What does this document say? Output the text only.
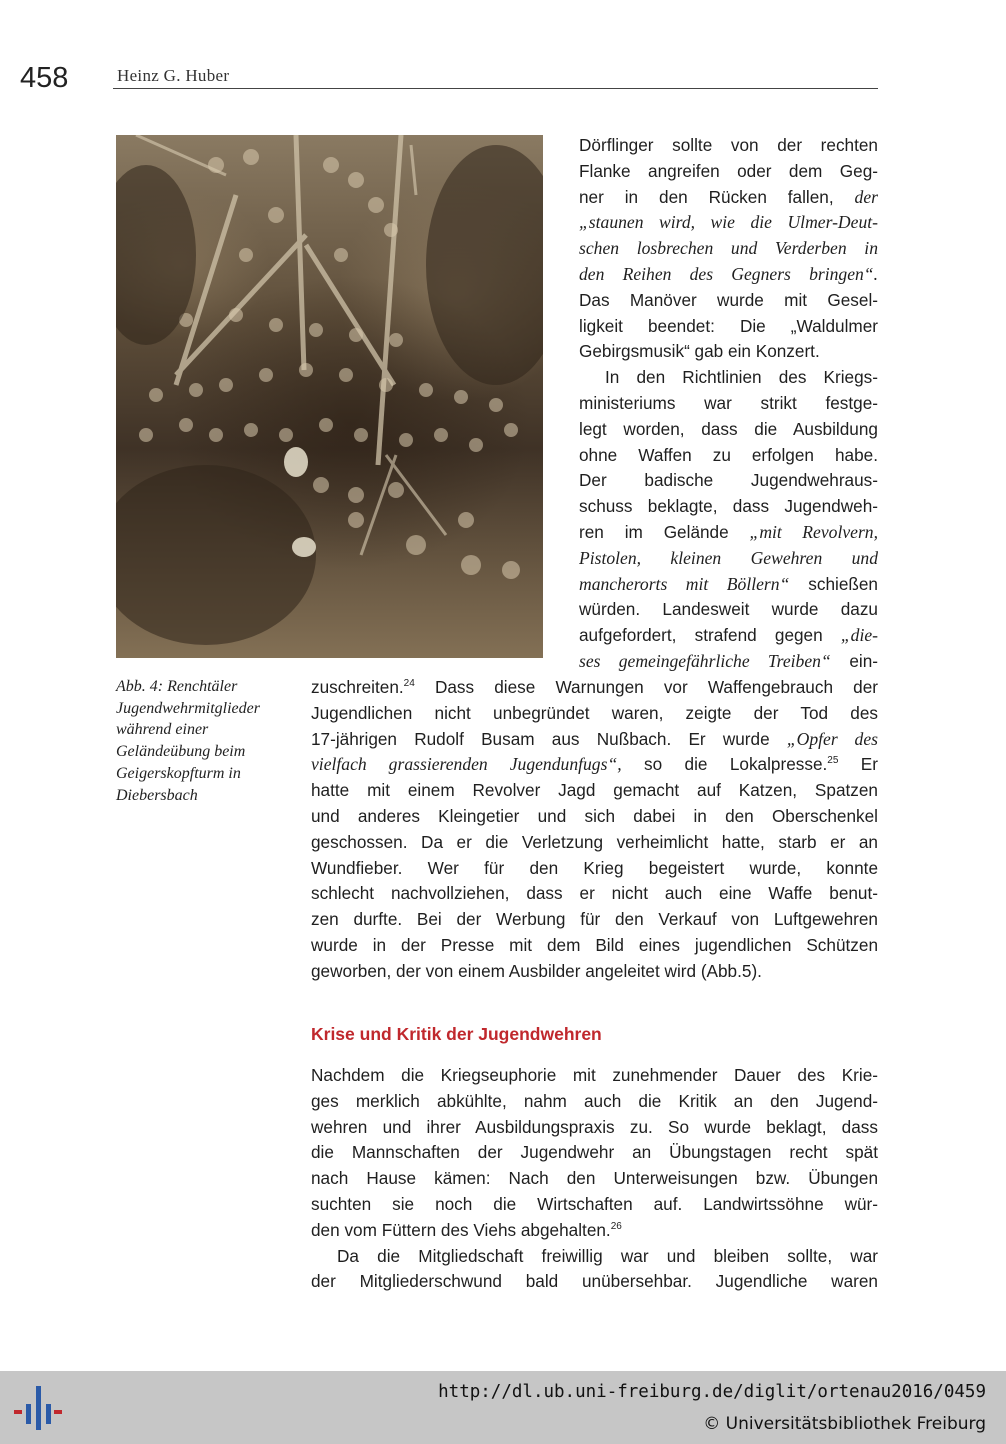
458	Heinz G. Huber
Abb. 4: Renchtäler
Jugendwehrmitglieder
während einer
Geländeübung beim
Geigerskopfturm in
Diebersbach
Dörflinger sollte von der rechten
Flanke angreifen oder dem Geg-
ner in den Rücken fallen, der
„staunen wird, wie die Ulmer-Deut-
schen losbrechen und Verderben in
den Reihen des Gegners bringen“.
Das Manöver wurde mit Gesel-
ligkeit beendet: Die „Waldulmer
Gebirgsmusik“ gab ein Konzert.
In den Richtlinien des Kriegs-
ministeriums war strikt festge-
legt worden, dass die Ausbildung
ohne Waffen zu erfolgen habe.
Der badische Jugendwehraus-
schuss beklagte, dass Jugendweh-
ren im Gelände „mit Revolvern,
Pistolen, kleinen Gewehren und
mancherorts mit Böllern“ schießen
würden. Landesweit wurde dazu
aufgefordert, strafend gegen „die-
ses gemeingefährliche Treiben“ ein-
zuschreiten.$^{24}$ Dass diese Warnungen vor Waffengebrauch der
Jugendlichen nicht unbegründet waren, zeigte der Tod des
17-jährigen Rudolf Busam aus Nußbach. Er wurde „Opfer des
vielfach grassierenden Jugendunfugs“, so die Lokalpresse.$^{25}$ Er
hatte mit einem Revolver Jagd gemacht auf Katzen, Spatzen
und anderes Kleingetier und sich dabei in den Oberschenkel
geschossen. Da er die Verletzung verheimlicht hatte, starb er an
Wundfieber. Wer für den Krieg begeistert wurde, konnte
schlecht nachvollziehen, dass er nicht auch eine Waffe benut-
zen durfte. Bei der Werbung für den Verkauf von Luftgewehren
wurde in der Presse mit dem Bild eines jugendlichen Schützen
geworben, der von einem Ausbilder angeleitet wird (Abb.5).
Krise und Kritik der Jugendwehren
Nachdem die Kriegseuphorie mit zunehmender Dauer des Krie-
ges merklich abkühlte, nahm auch die Kritik an den Jugend-
wehren und ihrer Ausbildungspraxis zu. So wurde beklagt, dass
die Mannschaften der Jugendwehr an Übungstagen recht spät
nach Hause kämen: Nach den Unterweisungen bzw. Übungen
suchten sie noch die Wirtschaften auf. Landwirtssöhne wür-
den vom Füttern des Viehs abgehalten.$^{26}$
Da die Mitgliedschaft freiwillig war und bleiben sollte, war
der Mitgliederschwund bald unübersehbar. Jugendliche waren
http://dl.ub.uni-freiburg.de/diglit/ortenau2016/0459
© Universitätsbibliothek Freiburg
